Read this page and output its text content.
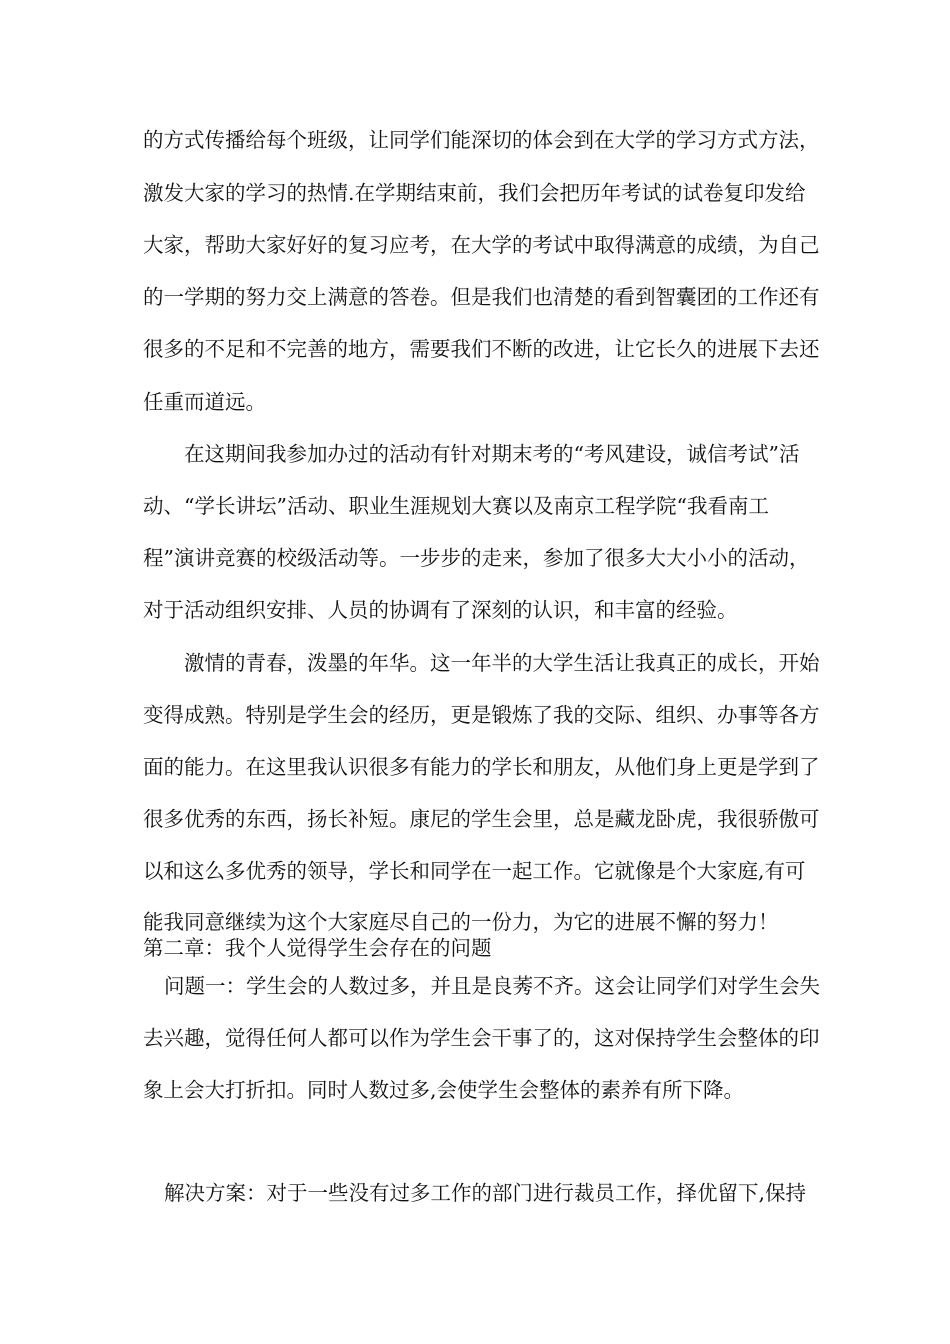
的方式传播给每个班级，让同学们能深切的体会到在大学的学习方式方法，
激发大家的学习的热情.在学期结束前，我们会把历年考试的试卷复印发给
大家，帮助大家好好的复习应考，在大学的考试中取得满意的成绩，为自己
的一学期的努力交上满意的答卷。但是我们也清楚的看到智囊团的工作还有
很多的不足和不完善的地方，需要我们不断的改进，让它长久的进展下去还
任重而道远。
在这期间我参加办过的活动有针对期末考的“考风建设，诚信考试”活
动、“学长讲坛”活动、职业生涯规划大赛以及南京工程学院“我看南工
程”演讲竞赛的校级活动等。一步步的走来，参加了很多大大小小的活动，
对于活动组织安排、人员的协调有了深刻的认识，和丰富的经验。
激情的青春，泼墨的年华。这一年半的大学生活让我真正的成长，开始
变得成熟。特别是学生会的经历，更是锻炼了我的交际、组织、办事等各方
面的能力。在这里我认识很多有能力的学长和朋友，从他们身上更是学到了
很多优秀的东西，扬长补短。康尼的学生会里，总是藏龙卧虎，我很骄傲可
以和这么多优秀的领导，学长和同学在一起工作。它就像是个大家庭,有可
能我同意继续为这个大家庭尽自己的一份力，为它的进展不懈的努力！
第二章：我个人觉得学生会存在的问题
问题一：学生会的人数过多，并且是良莠不齐。这会让同学们对学生会失
去兴趣，觉得任何人都可以作为学生会干事了的，这对保持学生会整体的印
象上会大打折扣。同时人数过多,会使学生会整体的素养有所下降。
解决方案：对于一些没有过多工作的部门进行裁员工作，择优留下,保持
